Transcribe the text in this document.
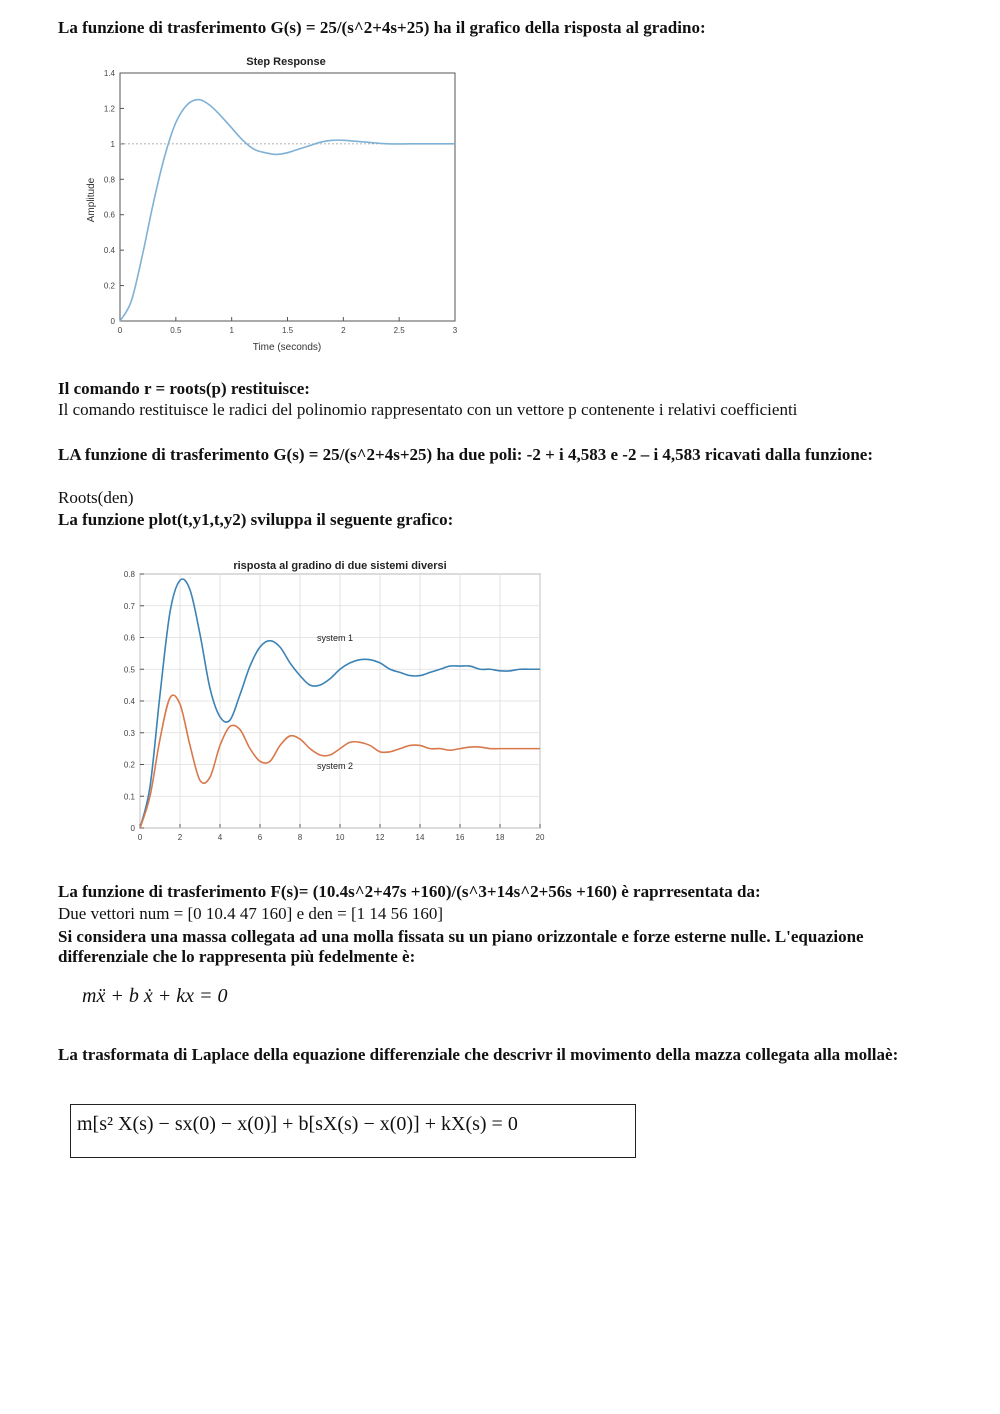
La funzione di trasferimento G(s) = 25/(s^2+4s+25) ha il grafico della risposta al gradino:
Step Response
0	0.5	1	1.5	2	2.5	3
0
0.2
0.4
0.6
0.8
1
1.2
1.4
Time (seconds)
Amplitude
Il comando r = roots(p) restituisce:
Il comando restituisce le radici del polinomio rappresentato con un vettore p contenente i relativi coefficienti
LA funzione di trasferimento G(s) = 25/(s^2+4s+25) ha due poli: -2 + i 4,583 e -2 – i 4,583 ricavati dalla funzione:
Roots(den)
La funzione plot(t,y1,t,y2) sviluppa il seguente grafico:
risposta al gradino di due sistemi diversi
0	2	4	6	8	10	12	14	16	18	20
0
0.1
0.2
0.3
0.4
0.5
0.6
0.7
0.8
system 1
system 2
La funzione di trasferimento F(s)= (10.4s^2+47s +160)/(s^3+14s^2+56s +160) è raprresentata da:
Due vettori num = [0 10.4 47 160] e den = [1 14 56 160]
Si considera una massa collegata ad una molla fissata su un piano orizzontale e forze esterne nulle. L'equazione differenziale che lo rappresenta più fedelmente è:
mẍ + b ẋ + kx = 0
La trasformata di Laplace della equazione differenziale che descrivr il movimento della mazza collegata alla mollaè:
m[s² X(s) − sx(0) − x(0)] + b[sX(s) − x(0)] + kX(s) = 0
